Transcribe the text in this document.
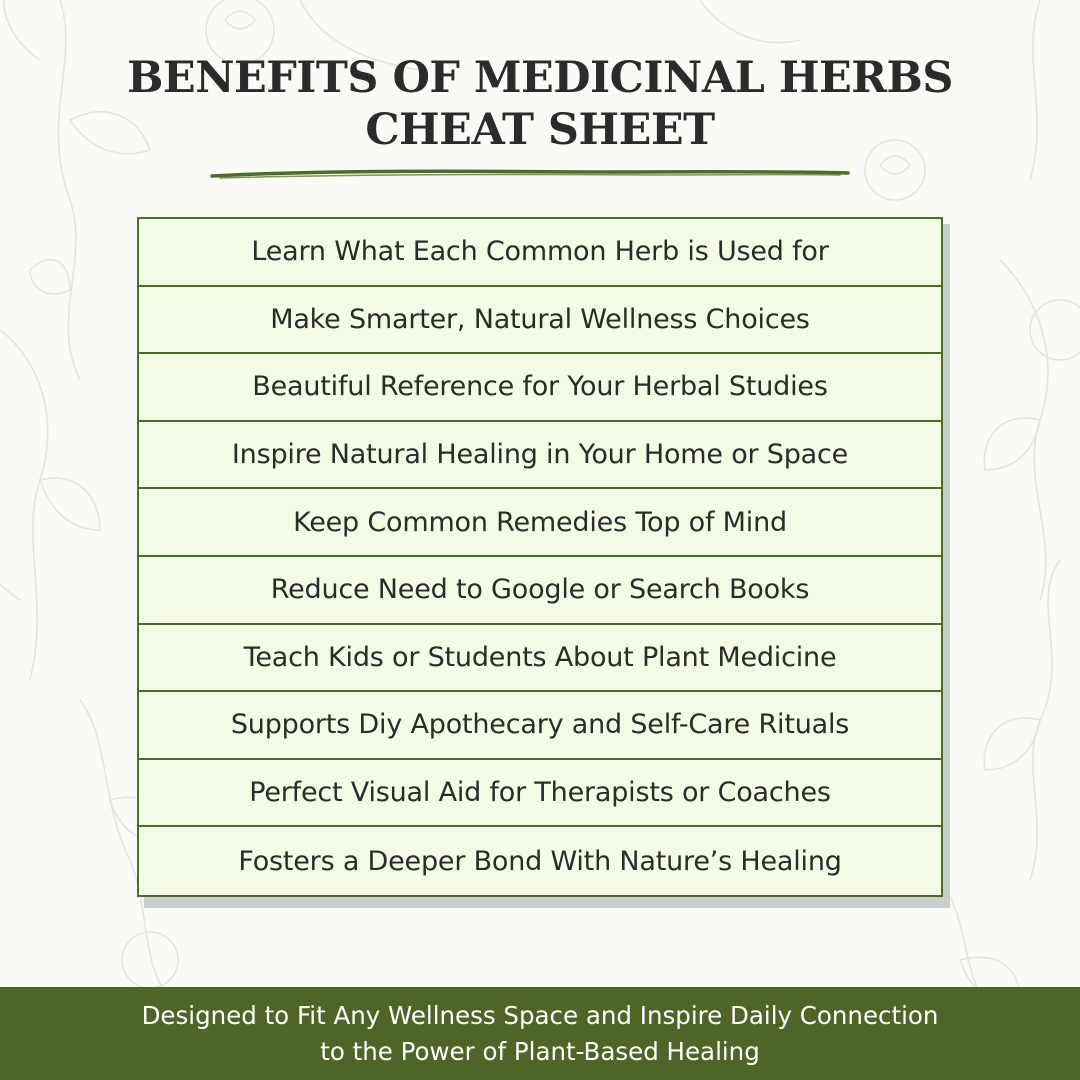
BENEFITS OF MEDICINAL HERBS
CHEAT SHEET
Learn What Each Common Herb is Used for
Make Smarter, Natural Wellness Choices
Beautiful Reference for Your Herbal Studies
Inspire Natural Healing in Your Home or Space
Keep Common Remedies Top of Mind
Reduce Need to Google or Search Books
Teach Kids or Students About Plant Medicine
Supports Diy Apothecary and Self-Care Rituals
Perfect Visual Aid for Therapists or Coaches
Fosters a Deeper Bond With Nature’s Healing
Designed to Fit Any Wellness Space and Inspire Daily Connection
to the Power of Plant-Based Healing
